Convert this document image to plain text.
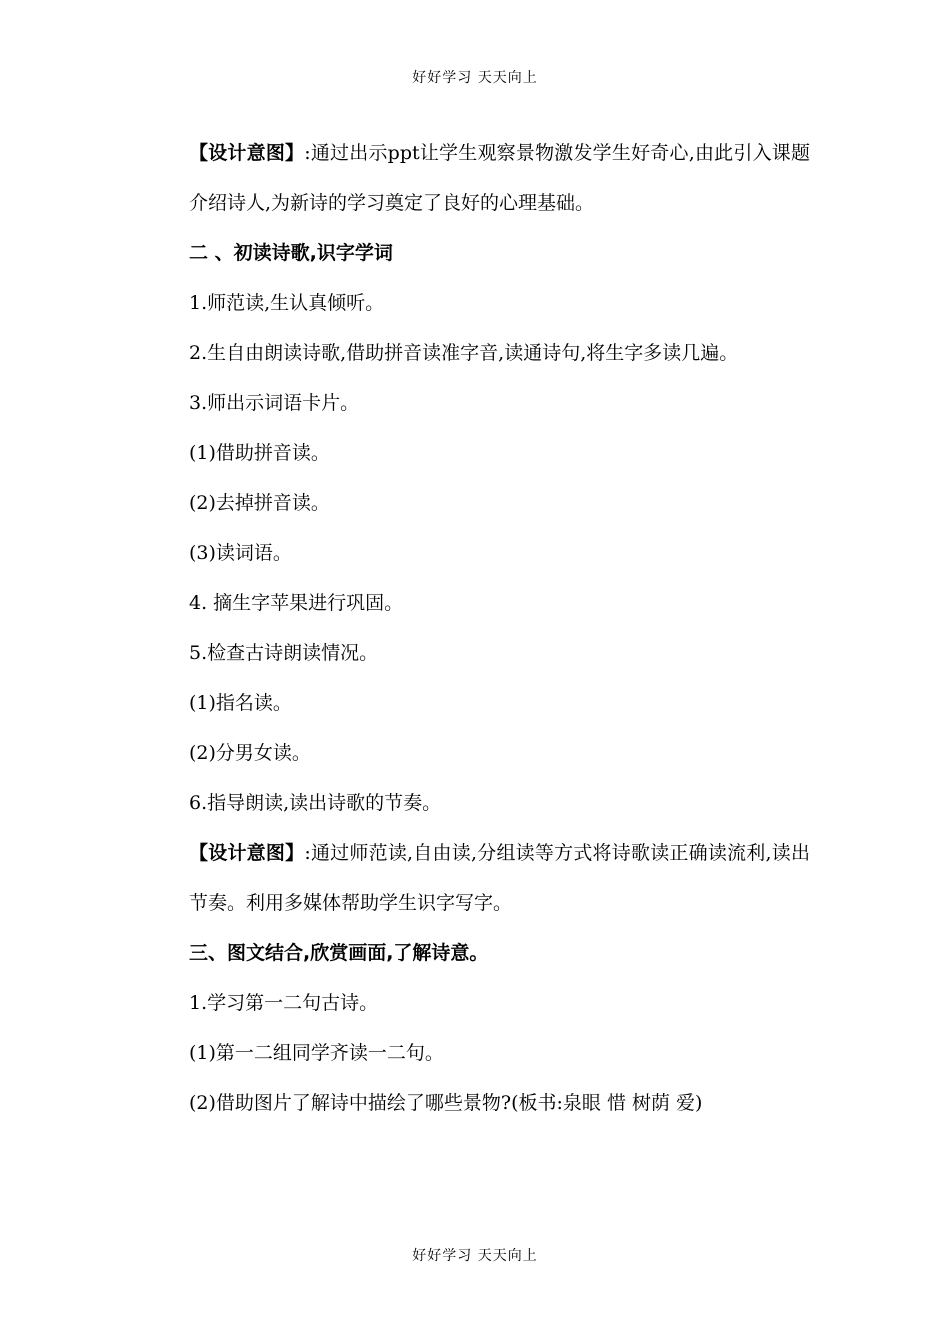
好好学习 天天向上

【设计意图】:通过出示ppt让学生观察景物激发学生好奇心,由此引入课题介绍诗人,为新诗的学习奠定了良好的心理基础。

二 、初读诗歌,识字学词

1.师范读,生认真倾听。

2.生自由朗读诗歌,借助拼音读准字音,读通诗句,将生字多读几遍。

3.师出示词语卡片。

(1)借助拼音读。

(2)去掉拼音读。

(3)读词语。

4. 摘生字苹果进行巩固。

5.检查古诗朗读情况。

(1)指名读。

(2)分男女读。

6.指导朗读,读出诗歌的节奏。

【设计意图】:通过师范读,自由读,分组读等方式将诗歌读正确读流利,读出节奏。利用多媒体帮助学生识字写字。

三、图文结合,欣赏画面,了解诗意。

1.学习第一二句古诗。

(1)第一二组同学齐读一二句。

(2)借助图片了解诗中描绘了哪些景物?(板书:泉眼 惜 树荫 爱)

好好学习 天天向上
